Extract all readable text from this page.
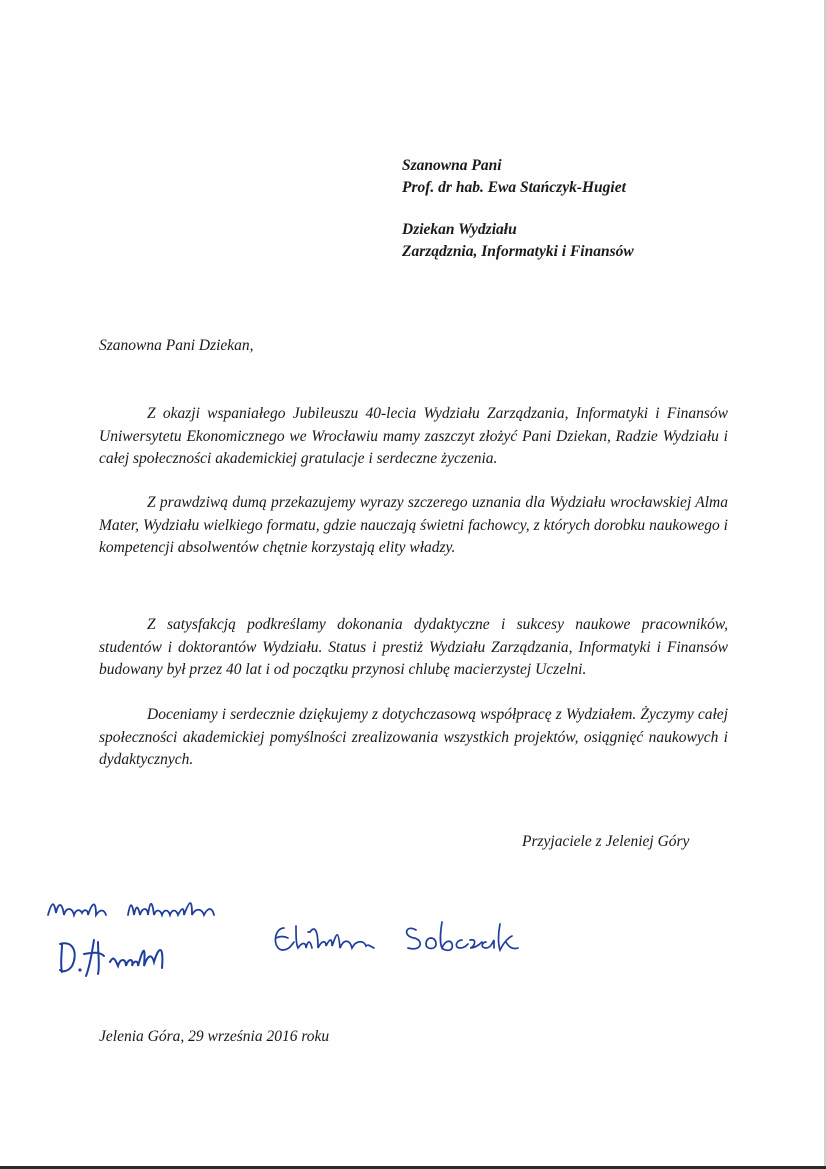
Szanowna Pani
Prof. dr hab. Ewa Stańczyk-Hugiet
Dziekan Wydziału
Zarządznia, Informatyki i Finansów
Szanowna Pani Dziekan,

Z okazji wspaniałego Jubileuszu 40-lecia Wydziału Zarządzania, Informatyki i Finansów Uniwersytetu Ekonomicznego we Wrocławiu mamy zaszczyt złożyć Pani Dziekan, Radzie Wydziału i całej społeczności akademickiej gratulacje i serdeczne życzenia.

Z prawdziwą dumą przekazujemy wyrazy szczerego uznania dla Wydziału wrocławskiej Alma Mater, Wydziału wielkiego formatu, gdzie nauczają świetni fachowcy, z których dorobku naukowego i kompetencji absolwentów chętnie korzystają elity władzy.

Z satysfakcją podkreślamy dokonania dydaktyczne i sukcesy naukowe pracowników, studentów i doktorantów Wydziału. Status i prestiż Wydziału Zarządzania, Informatyki i Finansów budowany był przez 40 lat i od początku przynosi chlubę macierzystej Uczelni.

Doceniamy i serdecznie dziękujemy z dotychczasową współpracę z Wydziałem. Życzymy całej społeczności akademickiej pomyślności zrealizowania wszystkich projektów, osiągnięć naukowych i dydaktycznych.

Przyjaciele z Jeleniej Góry
Jelenia Góra, 29 września 2016 roku
